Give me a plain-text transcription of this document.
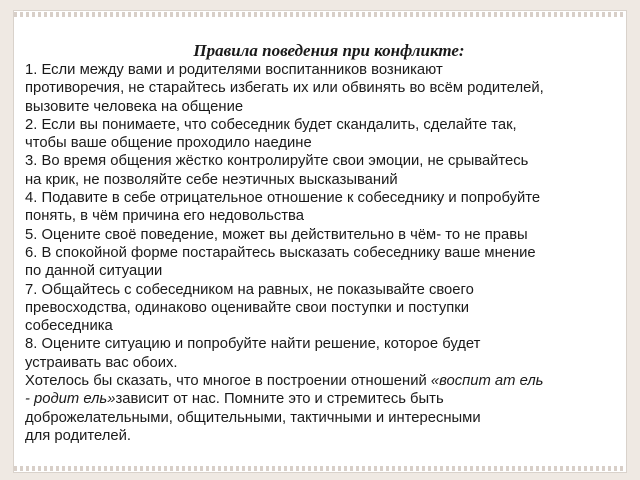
Правила поведения при конфликте:
1. Если между вами и родителями воспитанников возникают
противоречия, не старайтесь избегать их или обвинять во всём родителей,
вызовите человека на общение
2. Если вы понимаете, что собеседник будет скандалить, сделайте так,
чтобы ваше общение проходило наедине
3. Во время общения жёстко контролируйте свои эмоции, не срывайтесь
на крик, не позволяйте себе неэтичных высказываний
4. Подавите в себе отрицательное отношение к собеседнику и попробуйте
понять, в чём причина его недовольства
5. Оцените своё поведение, может вы действительно в чём- то не правы
6. В спокойной форме постарайтесь высказать собеседнику ваше мнение
по данной ситуации
7. Общайтесь с собеседником на равных, не показывайте своего
превосходства, одинаково оценивайте свои поступки и поступки
собеседника
8. Оцените ситуацию и попробуйте найти решение, которое будет
устраивать вас обоих.
Хотелось бы сказать, что многое в построении отношений «воспит ат ель
- родит ель»зависит от нас. Помните это и стремитесь быть
доброжелательными, общительными, тактичными и интересными
для родителей.
